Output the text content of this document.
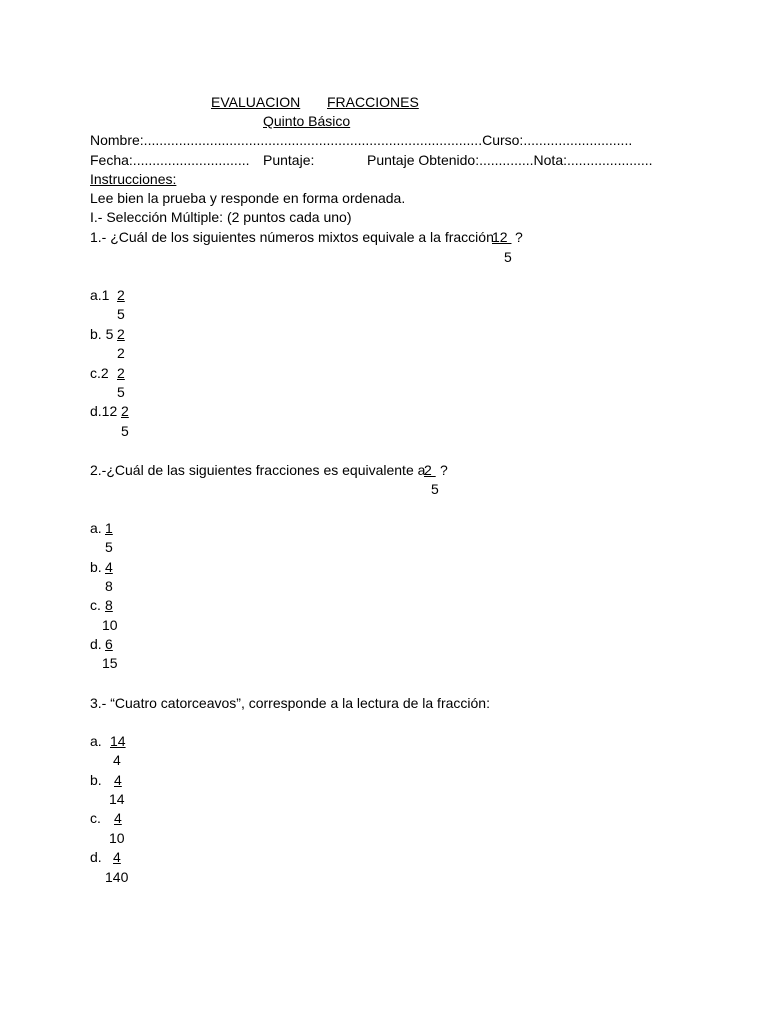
EVALUACION FRACCIONES
Quinto Básico
Nombre:.......................................................................................Curso:............................
Fecha:.............................. Puntaje:	Puntaje Obtenido:..............Nota:......................
Instrucciones:
Lee bien la prueba y responde en forma ordenada.
I.- Selección Múltiple: (2 puntos cada uno)
1.- ¿Cuál de los siguientes números mixtos equivale a la fracción
12 ?
5
a.1 2
5
b. 5 2
2
c.2 2
5
d.12 2
5
2.-¿Cuál de las siguientes fracciones es equivalente a
2 ?
5
a. 1
5
b. 4
8
c. 8
10
d. 6
15
3.- “Cuatro catorceavos”, corresponde a la lectura de la fracción:
a. 14
4
b. 4
14
c. 4
10
d. 4
140
